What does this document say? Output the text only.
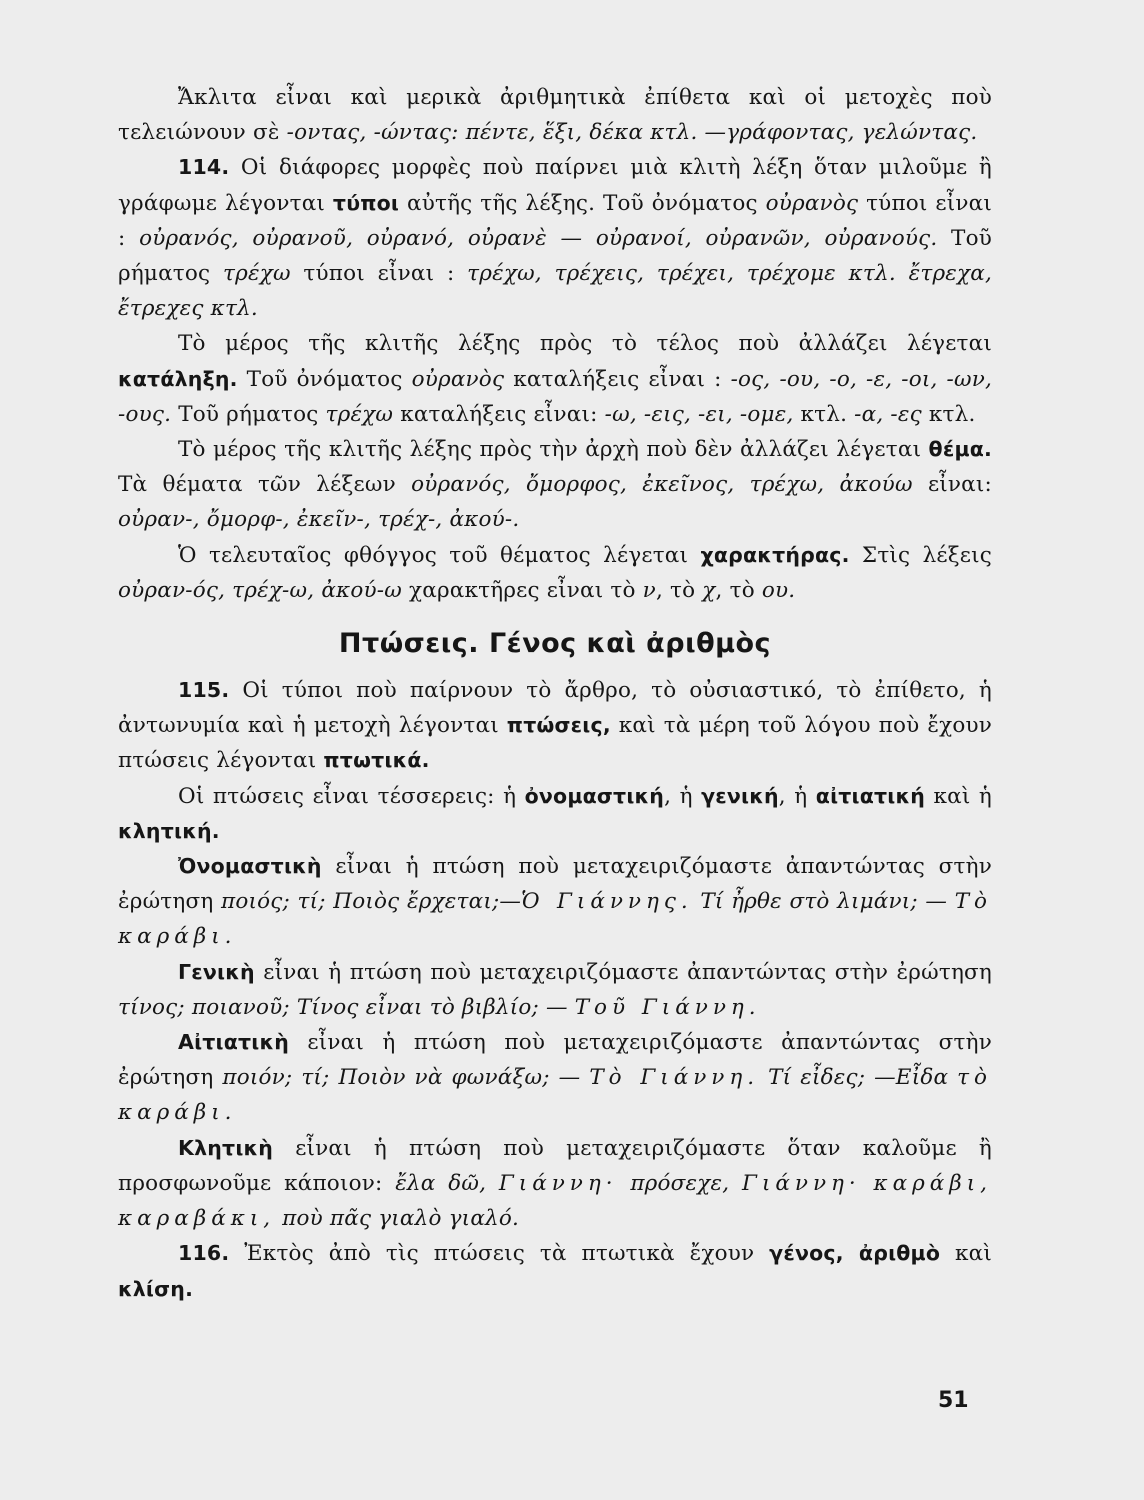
Ἄκλιτα εἶναι καὶ μερικὰ ἀριθμητικὰ ἐπίθετα καὶ οἱ μετοχὲς ποὺ τελειώνουν σὲ -οντας, -ώντας: πέντε, ἕξι, δέκα κτλ. —γράφοντας, γελώντας.

114. Οἱ διάφορες μορφὲς ποὺ παίρνει μιὰ κλιτὴ λέξη ὅταν μιλοῦμε ἢ γράφωμε λέγονται τύποι αὐτῆς τῆς λέξης. Τοῦ ὀνόματος οὐρανὸς τύποι εἶναι : οὐρανός, οὐρανοῦ, οὐρανό, οὐρανὲ — οὐρανοί, οὐρανῶν, οὐρανούς. Τοῦ ρήματος τρέχω τύποι εἶναι : τρέχω, τρέχεις, τρέχει, τρέχομε κτλ. ἔτρεχα, ἔτρεχες κτλ.

Τὸ μέρος τῆς κλιτῆς λέξης πρὸς τὸ τέλος ποὺ ἀλλάζει λέγεται κατάληξη. Τοῦ ὀνόματος οὐρανὸς καταλήξεις εἶναι : -ος, -ου, -ο, -ε, -οι, -ων, -ους. Τοῦ ρήματος τρέχω καταλήξεις εἶναι: -ω, -εις, -ει, -ομε, κτλ. -α, -ες κτλ.

Τὸ μέρος τῆς κλιτῆς λέξης πρὸς τὴν ἀρχὴ ποὺ δὲν ἀλλάζει λέγεται θέμα. Τὰ θέματα τῶν λέξεων οὐρανός, ὄμορφος, ἐκεῖνος, τρέχω, ἀκούω εἶναι: οὐραν-, ὄμορφ-, ἐκεῖν-, τρέχ-, ἀκού-.

Ὁ τελευταῖος φθόγγος τοῦ θέματος λέγεται χαρακτήρας. Στὶς λέξεις οὐραν-ός, τρέχ-ω, ἀκού-ω χαρακτῆρες εἶναι τὸ ν, τὸ χ, τὸ ου.

Πτώσεις. Γένος καὶ ἀριθμὸς

115. Οἱ τύποι ποὺ παίρνουν τὸ ἄρθρο, τὸ οὐσιαστικό, τὸ ἐπίθετο, ἡ ἀντωνυμία καὶ ἡ μετοχὴ λέγονται πτώσεις, καὶ τὰ μέρη τοῦ λόγου ποὺ ἔχουν πτώσεις λέγονται πτωτικά.

Οἱ πτώσεις εἶναι τέσσερεις: ἡ ὀνομαστική, ἡ γενική, ἡ αἰτιατική καὶ ἡ κλητική.

Ὀνομαστικὴ εἶναι ἡ πτώση ποὺ μεταχειριζόμαστε ἀπαντώντας στὴν ἐρώτηση ποιός; τί; Ποιὸς ἔρχεται;—Ὁ Γιάννης. Τί ἦρθε στὸ λιμάνι; — Τὸ καράβι.

Γενικὴ εἶναι ἡ πτώση ποὺ μεταχειριζόμαστε ἀπαντώντας στὴν ἐρώτηση τίνος; ποιανοῦ; Τίνος εἶναι τὸ βιβλίο; — Τοῦ Γιάννη.

Αἰτιατικὴ εἶναι ἡ πτώση ποὺ μεταχειριζόμαστε ἀπαντώντας στὴν ἐρώτηση ποιόν; τί; Ποιὸν νὰ φωνάξω; — Τὸ Γιάννη. Τί εἶδες; —Εἶδα τὸ καράβι.

Κλητικὴ εἶναι ἡ πτώση ποὺ μεταχειριζόμαστε ὅταν καλοῦμε ἢ προσφωνοῦμε κάποιον: ἔλα δῶ, Γιάννη· πρόσεχε, Γιάννη· καράβι, καραβάκι, ποὺ πᾶς γιαλὸ γιαλό.

116. Ἐκτὸς ἀπὸ τὶς πτώσεις τὰ πτωτικὰ ἔχουν γένος, ἀριθμὸ καὶ κλίση.

51
